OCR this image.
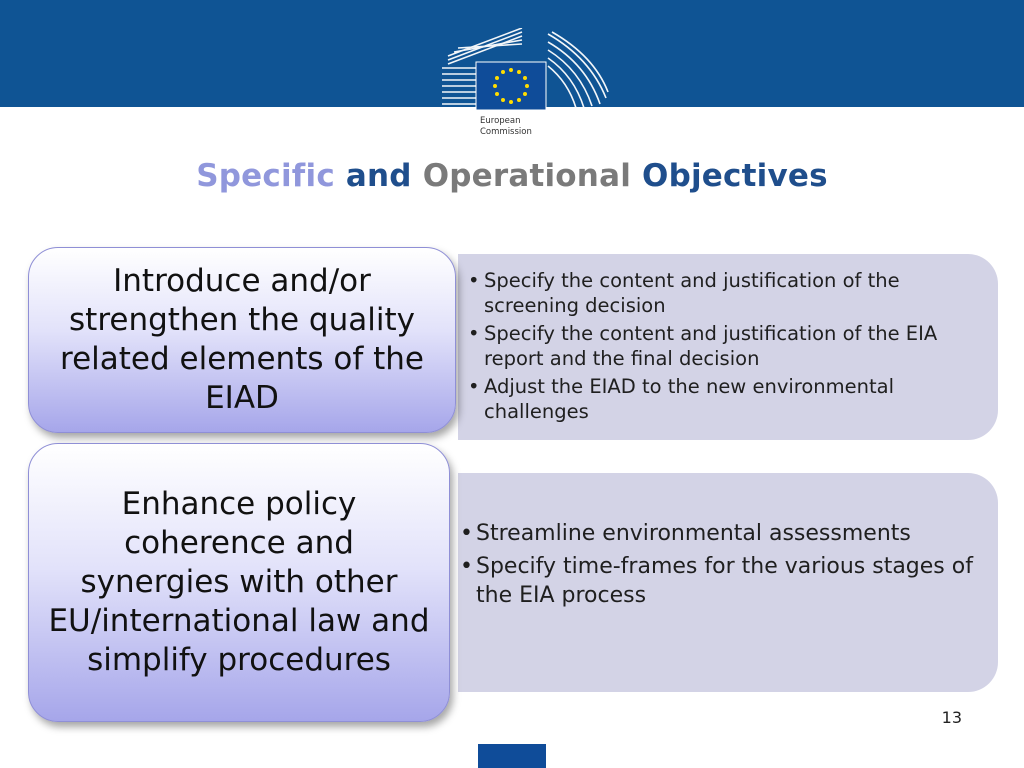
European
Commission
Specific and Operational Objectives
• Specify the content and justification of the screening decision
• Specify the content and justification of the EIA report and the final decision
• Adjust the EIAD to the new environmental challenges
Introduce and/or strengthen the quality related elements of the EIAD
• Streamline environmental assessments
• Specify time-frames for the various stages of the EIA process
Enhance policy coherence and synergies with other EU/international law and simplify procedures
13
